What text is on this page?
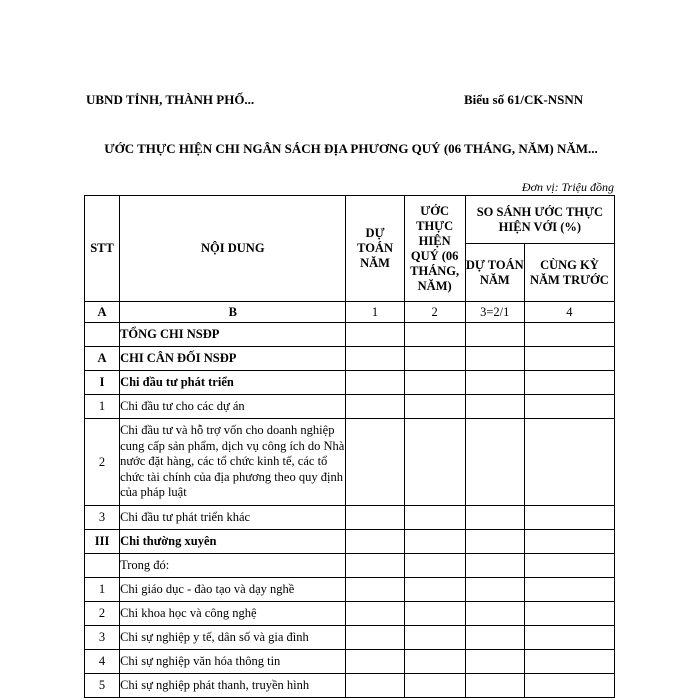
UBND TỈNH, THÀNH PHỐ...	Biểu số 61/CK-NSNN
ƯỚC THỰC HIỆN CHI NGÂN SÁCH ĐỊA PHƯƠNG QUÝ (06 THÁNG, NĂM) NĂM...
Đơn vị: Triệu đồng
STT	NỘI DUNG	DỰ TOÁN NĂM	ƯỚC THỰC HIỆN QUÝ (06 THÁNG, NĂM)	SO SÁNH ƯỚC THỰC HIỆN VỚI (%)	
				DỰ TOÁN NĂM	CÙNG KỲ NĂM TRƯỚC
A	B	1	2	3=2/1	4
	TỔNG CHI NSĐP				
A	CHI CÂN ĐỐI NSĐP				
I	Chi đầu tư phát triển				
1	Chi đầu tư cho các dự án				
2	Chi đầu tư và hỗ trợ vốn cho doanh nghiệp cung cấp sản phẩm, dịch vụ công ích do Nhà nước đặt hàng, các tổ chức kinh tế, các tổ chức tài chính của địa phương theo quy định của pháp luật				
3	Chi đầu tư phát triển khác				
III	Chi thường xuyên				
	Trong đó:				
1	Chi giáo dục - đào tạo và dạy nghề				
2	Chi khoa học và công nghệ				
3	Chi sự nghiệp y tế, dân số và gia đình				
4	Chi sự nghiệp văn hóa thông tin				
5	Chi sự nghiệp phát thanh, truyền hình				
